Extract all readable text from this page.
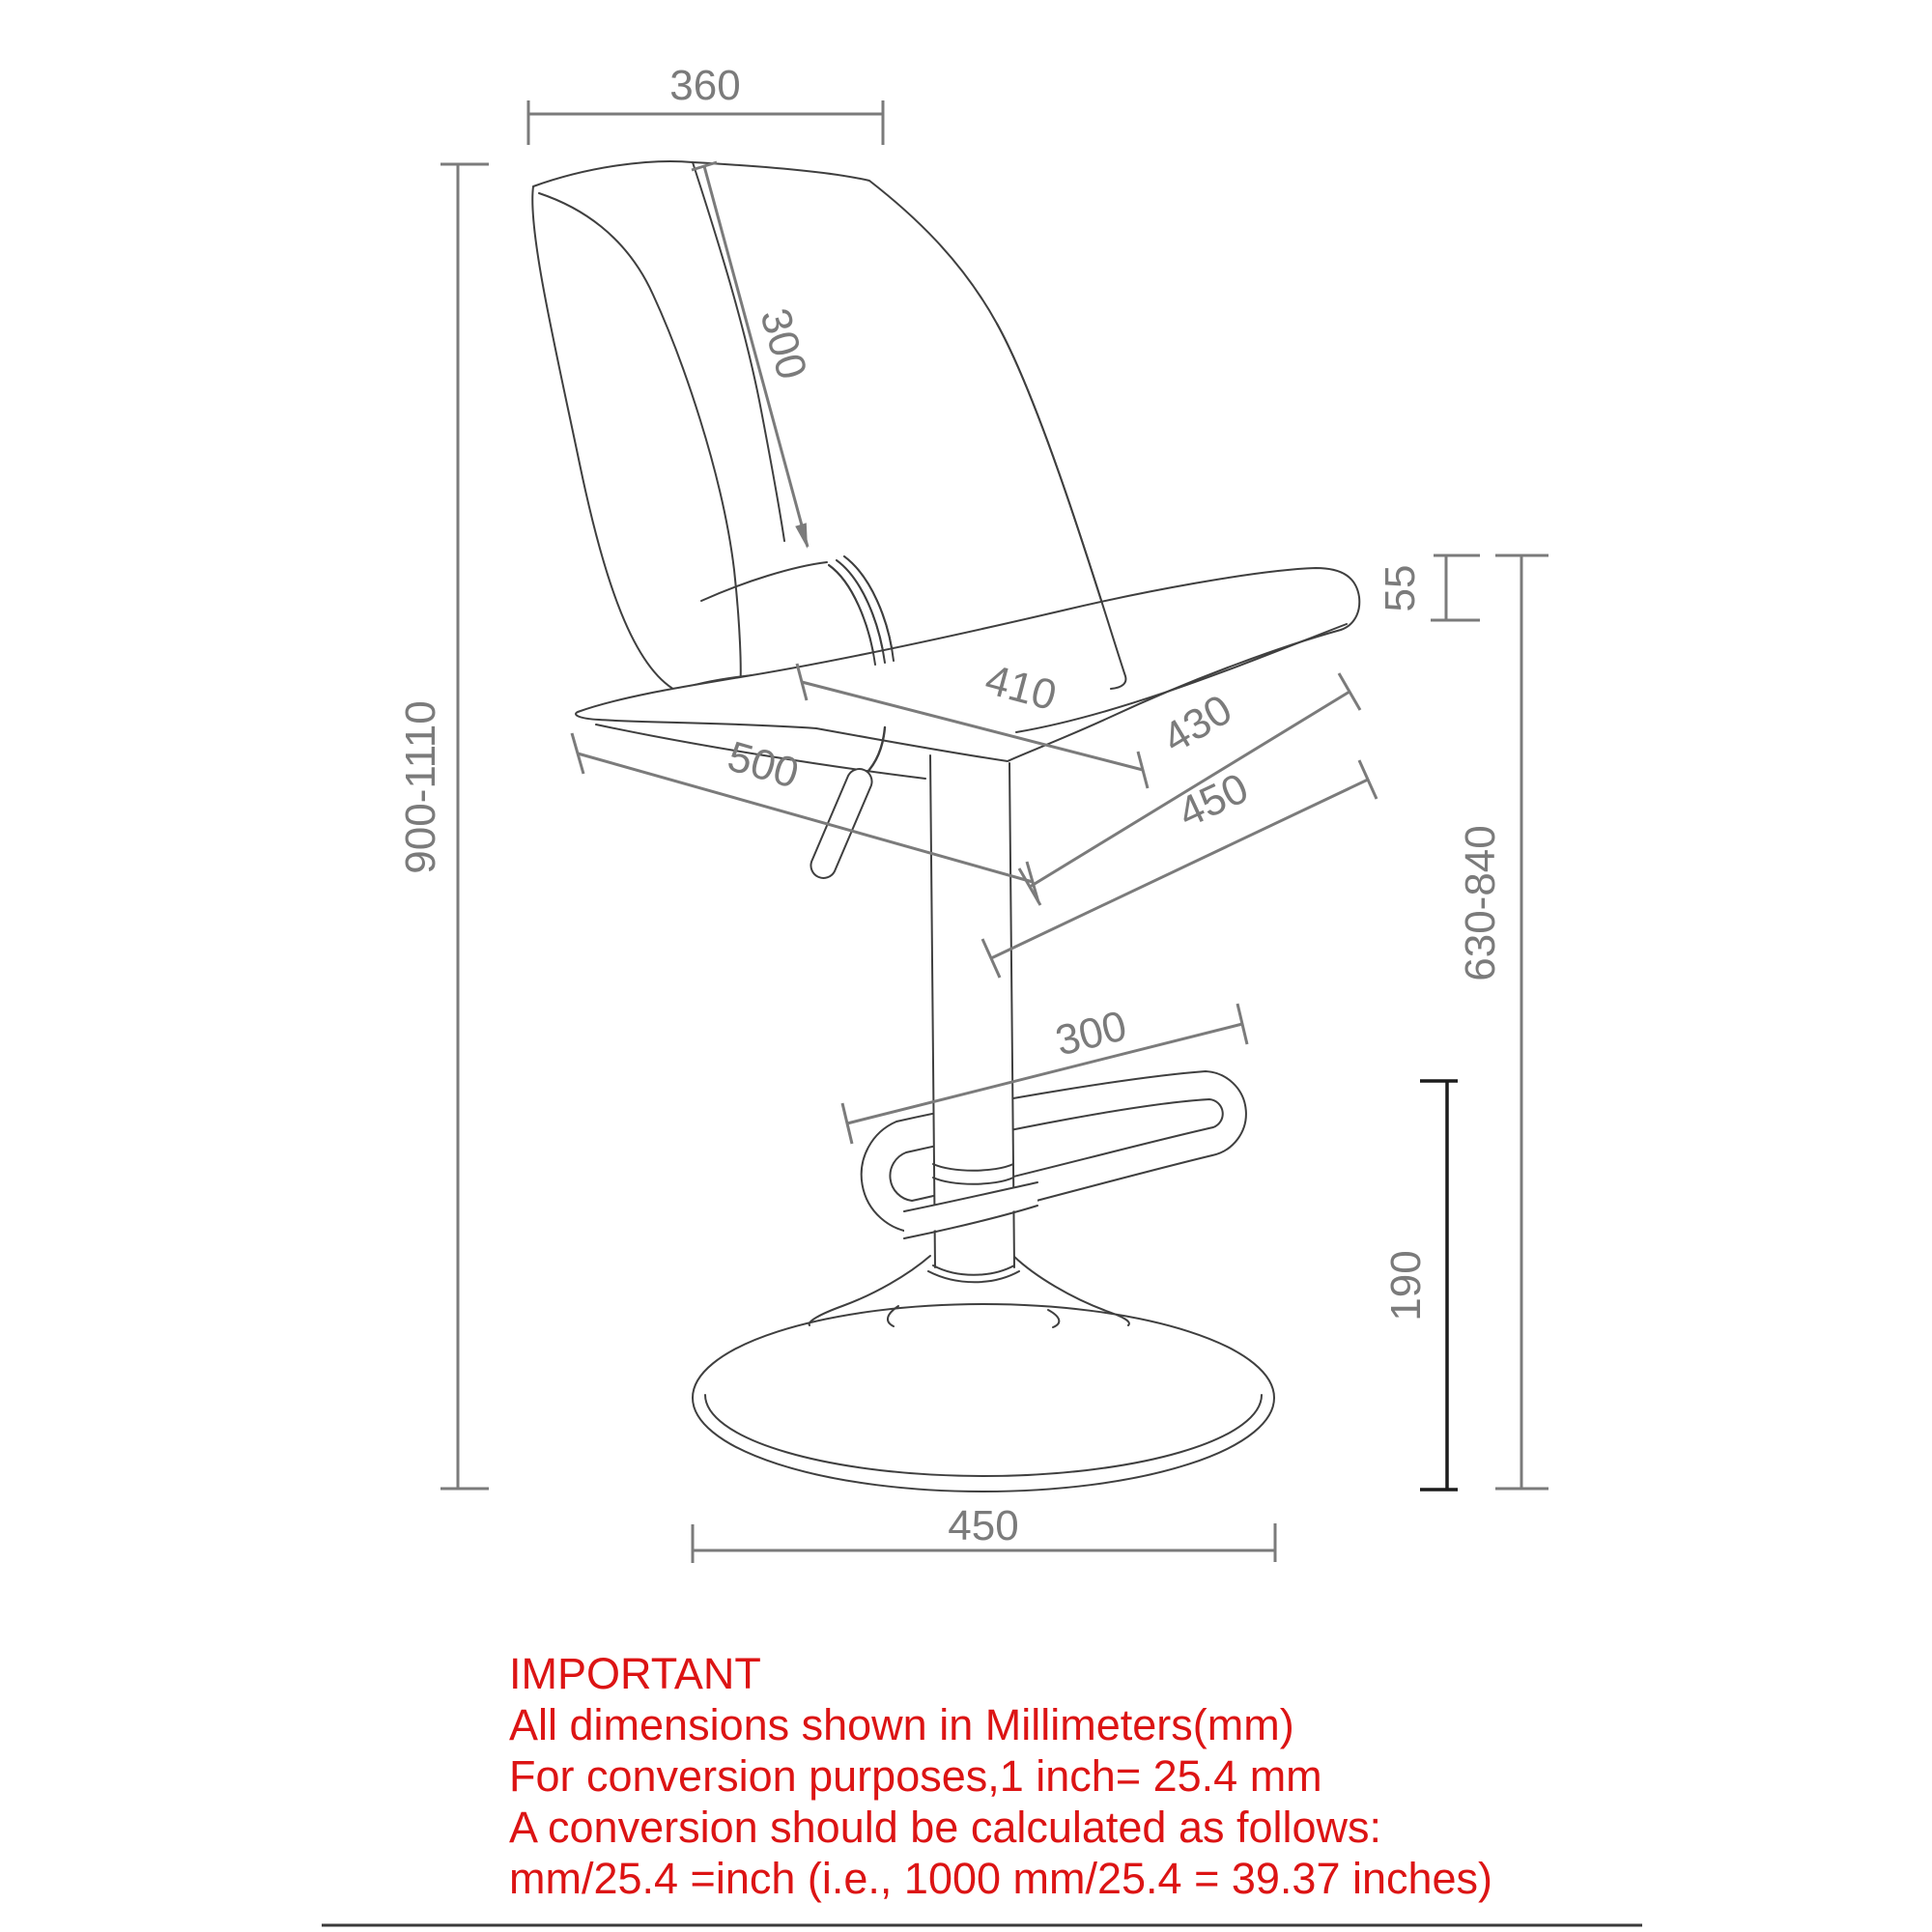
360
900-1110
300
410
55
430
450
500
300
630-840
190
450
IMPORTANT
All dimensions shown in Millimeters(mm)
For conversion purposes,1 inch= 25.4 mm
A conversion should be calculated as follows:
mm/25.4 =inch (i.e., 1000 mm/25.4 = 39.37 inches)
